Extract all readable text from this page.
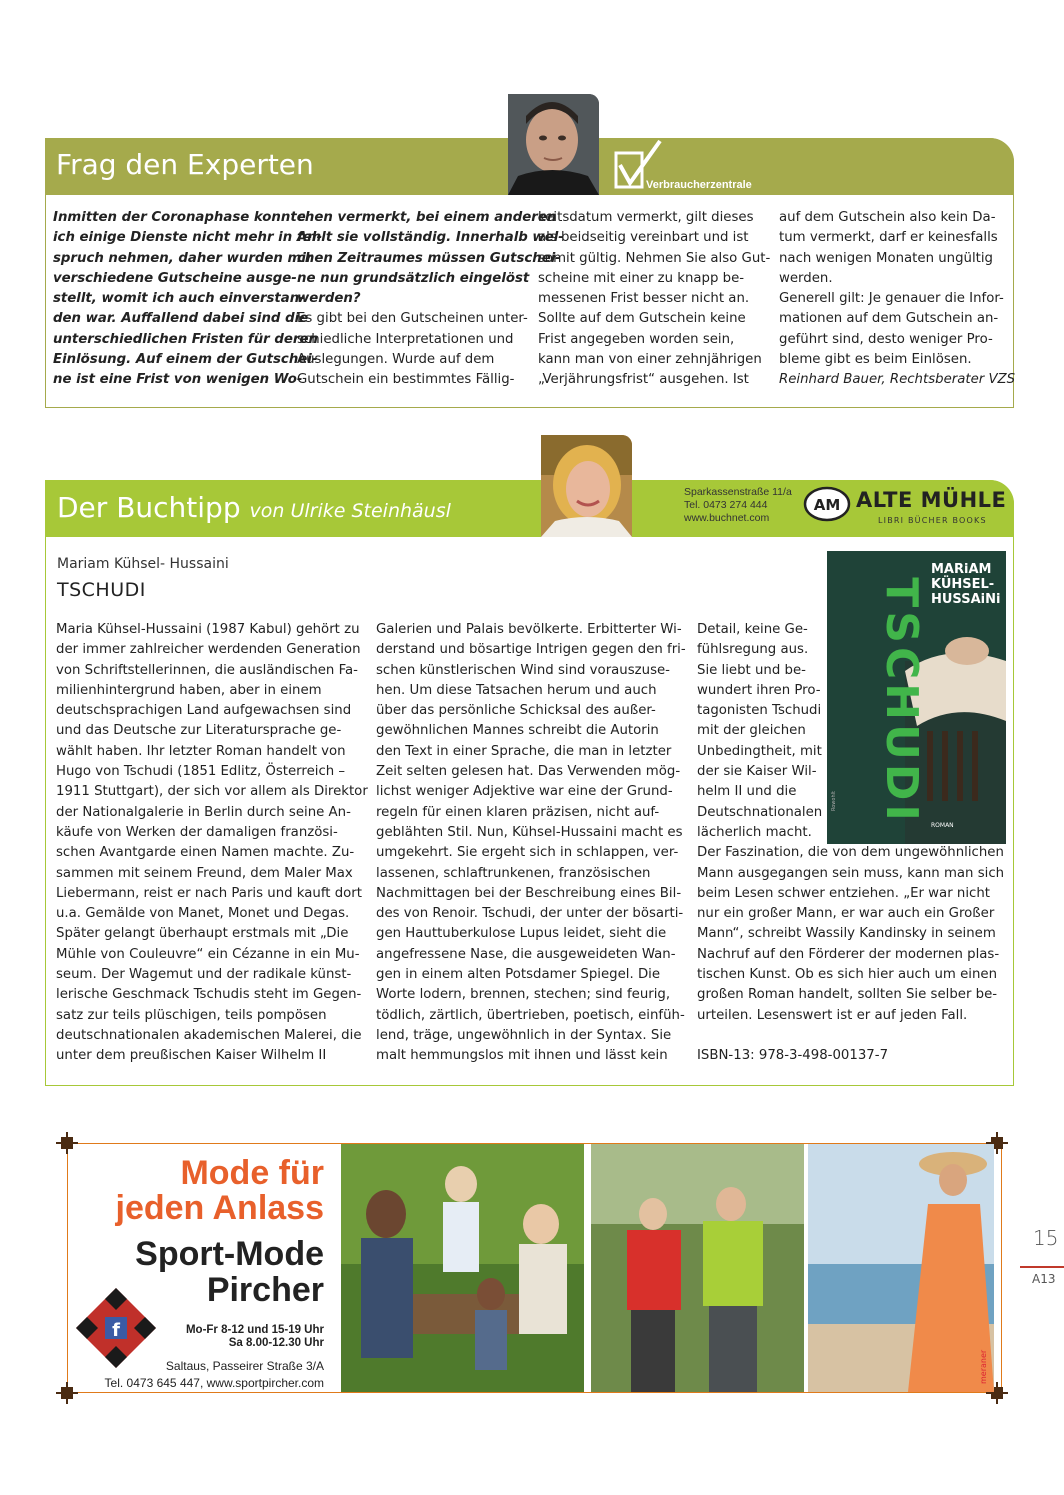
Frag den Experten
Verbraucherzentrale
Inmitten der Coronaphase konnte
ich einige Dienste nicht mehr in An-
spruch nehmen, daher wurden mir
verschiedene Gutscheine ausge-
stellt, womit ich auch einverstan-
den war. Auffallend dabei sind die
unterschiedlichen Fristen für deren
Einlösung. Auf einem der Gutschei-
ne ist eine Frist von wenigen Wo-
chen vermerkt, bei einem anderen
fehlt sie vollständig. Innerhalb wel-
chen Zeitraumes müssen Gutschei-
ne nun grundsätzlich eingelöst
werden?
Es gibt bei den Gutscheinen unter-
schiedliche Interpretationen und
Auslegungen. Wurde auf dem
Gutschein ein bestimmtes Fällig-
keitsdatum vermerkt, gilt dieses
als beidseitig vereinbart und ist
somit gültig. Nehmen Sie also Gut-
scheine mit einer zu knapp be-
messenen Frist besser nicht an.
Sollte auf dem Gutschein keine
Frist angegeben worden sein,
kann man von einer zehnjährigen
„Verjährungsfrist“ ausgehen. Ist
auf dem Gutschein also kein Da-
tum vermerkt, darf er keinesfalls
nach wenigen Monaten ungültig
werden.
Generell gilt: Je genauer die Infor-
mationen auf dem Gutschein an-
geführt sind, desto weniger Pro-
bleme gibt es beim Einlösen.
Reinhard Bauer, Rechtsberater VZS
Der Buchtipp von Ulrike Steinhäusl
Sparkassenstraße 11/a
Tel. 0473 274 444
www.buchnet.com
AM ALTE MÜHLE
LIBRI BÜCHER BOOKS
Mariam Kühsel- Hussaini
TSCHUDI	TSCHUDI
MARiAM
KÜHSEL-
HUSSAiNi
ROMAN
Rowohlt
Maria Kühsel-Hussaini (1987 Kabul) gehört zu
der immer zahlreicher werdenden Generation
von Schriftstellerinnen, die ausländischen Fa-
milienhintergrund haben, aber in einem
deutschsprachigen Land aufgewachsen sind
und das Deutsche zur Literatursprache ge-
wählt haben. Ihr letzter Roman handelt von
Hugo von Tschudi (1851 Edlitz, Österreich –
1911 Stuttgart), der sich vor allem als Direktor
der Nationalgalerie in Berlin durch seine An-
käufe von Werken der damaligen französi-
schen Avantgarde einen Namen machte. Zu-
sammen mit seinem Freund, dem Maler Max
Liebermann, reist er nach Paris und kauft dort
u.a. Gemälde von Manet, Monet und Degas.
Später gelangt überhaupt erstmals mit „Die
Mühle von Couleuvre“ ein Cézanne in ein Mu-
seum. Der Wagemut und der radikale künst-
lerische Geschmack Tschudis steht im Gegen-
satz zur teils plüschigen, teils pompösen
deutschnationalen akademischen Malerei, die
unter dem preußischen Kaiser Wilhelm II
Galerien und Palais bevölkerte. Erbitterter Wi-
derstand und bösartige Intrigen gegen den fri-
schen künstlerischen Wind sind vorauszuse-
hen. Um diese Tatsachen herum und auch
über das persönliche Schicksal des außer-
gewöhnlichen Mannes schreibt die Autorin
den Text in einer Sprache, die man in letzter
Zeit selten gelesen hat. Das Verwenden mög-
lichst weniger Adjektive war eine der Grund-
regeln für einen klaren präzisen, nicht auf-
geblähten Stil. Nun, Kühsel-Hussaini macht es
umgekehrt. Sie ergeht sich in schlappen, ver-
lassenen, schlaftrunkenen, französischen
Nachmittagen bei der Beschreibung eines Bil-
des von Renoir. Tschudi, der unter der bösarti-
gen Hauttuberkulose Lupus leidet, sieht die
angefressene Nase, die ausgeweideten Wan-
gen in einem alten Potsdamer Spiegel. Die
Worte lodern, brennen, stechen; sind feurig,
tödlich, zärtlich, übertrieben, poetisch, einfüh-
lend, träge, ungewöhnlich in der Syntax. Sie
malt hemmungslos mit ihnen und lässt kein
Detail, keine Ge-
fühlsregung aus.
Sie liebt und be-
wundert ihren Pro-
tagonisten Tschudi
mit der gleichen
Unbedingtheit, mit
der sie Kaiser Wil-
helm II und die
Deutschnationalen
lächerlich macht.
Der Faszination, die von dem ungewöhnlichen
Mann ausgegangen sein muss, kann man sich
beim Lesen schwer entziehen. „Er war nicht
nur ein großer Mann, er war auch ein Großer
Mann“, schreibt Wassily Kandinsky in seinem
Nachruf auf den Förderer der modernen plas-
tischen Kunst. Ob es sich hier auch um einen
großen Roman handelt, sollten Sie selber be-
urteilen. Lesenswert ist er auf jeden Fall.

ISBN-13: 978-3-498-00137-7
Mode für
jeden Anlass
Sport-Mode
Pircher
f	Mo-Fr 8-12 und 15-19 Uhr
Sa 8.00-12.30 Uhr
Saltaus, Passeirer Straße 3/A
Tel. 0473 645 447, www.sportpircher.com	meraner
15
A13
